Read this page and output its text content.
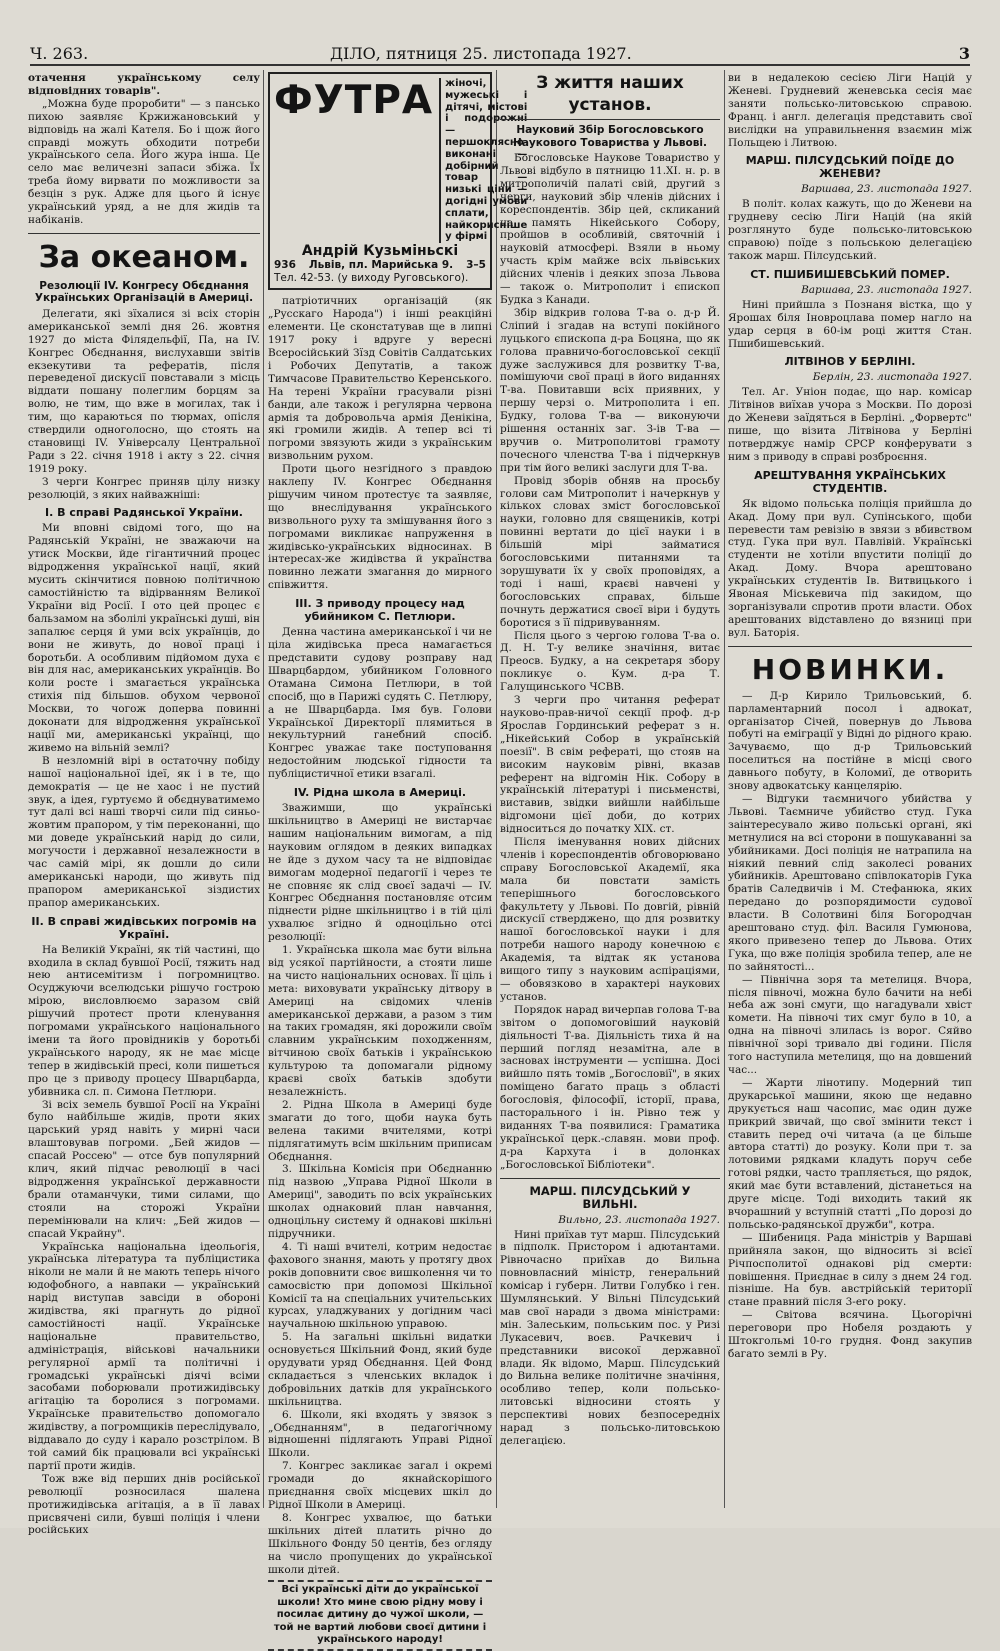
Ч. 263.	ДІЛО, пятниця 25. листопада 1927.	3

отачення українському селу відповідних товарів".

„Можна буде проробити" — з пансько пихою заявляє Кржижановський у відповідь на жалі Кателя. Бо і щож його справді можуть обходити потреби українського села. Його жура інша. Це село має величезні запаси збіжа. Їх треба йому вирвати по можливости за безцін з рук. Адже для цього й існує український уряд, а не для жидів та набіканів.

За океаном.
Резолюції IV. Конгресу Обєднання Українських Організацій в Америці.

Делегати, які зїхалися зі всіх сторін американської землі дня 26. жовтня 1927 до міста Філядельфії, Па, на IV. Конгрес Обєднання, вислухавши звітів екзекутиви та рефератів, після переведеної дискусії повставали з місць віддати пошану полеглим борцям за волю, не тим, що вже в могилах, так і тим, що караються по тюрмах, опісля ствердили одноголосно, що стоять на становищі IV. Універсалу Центральної Ради з 22. січня 1918 і акту з 22. січня 1919 року.

З черги Конгрес приняв цілу низку резолюцій, з яких найважніші:

I. В справі Радянської України.

Ми вповні свідомі того, що на Радянській Україні, не зважаючи на утиск Москви, йде гігантичний процес відродження української нації, який мусить скінчитися повною політичною самостійністю та відірванням Великої України від Росії. І ото цей процес є бальзамом на зболілі українські душі, він запалює серця й уми всіх українців, до вони не живуть, до нової праці і боротьби. А особливим підйомом духа є він для нас, американських українців. Во коли росте і змагається українська стихія під більшов. обухом червоної Москви, то чогож доперва повинні доконати для відродження української нації ми, американські українці, що живемо на вільній землі?

В незломній вірі в остаточну побіду нашої національної ідеї, як і в те, що демократія — це не хаос і не пустий звук, а ідея, гуртуємо й обєднуватимемо тут далі всі наші творчі сили під синьо-жовтим прапором, у тім переконанні, що ми доведе український нарід до сили, могучости і державної незалежности в час самій мірі, як дошли до сили американські народи, що живуть під прапором американської зіздистих прапор американських.

II. В справі жидівських погромів на Україні.

На Великій Україні, як тій частині, що входила в склад бувшої Росії, тяжить над нею антисемітизм і погромництво. Осуджуючи вселюдськи рішучо гострою мірою, висловлюємо заразом свій рішучий протест проти кленування погромами українського національного імени та його провідників у боротьбі українського народу, як не має місце тепер в жидівській пресі, коли пишеться про це з приводу процесу Шварцбарда, убивника сл. п. Симона Петлюри.

Зі всіх земель бувшої Росії на Україні було найбільше жидів, проти яких царський уряд навіть у мирні часи влаштовував погроми. „Бей жидов — спасай Россею" — отсе був популярний клич, який підчас революції в часі відродження української державности брали отаманчуки, тими силами, що стояли на сторожі України перемінювали на клич: „Бей жидов — спасай Украйну".

Українська національна ідеольогія, українська література та публіцистика ніколи не мали й не мають теперь нічого юдофобного, а навпаки — український нарід виступав завсіди в обороні жидівства, які прагнуть до рідної самостійності нації. Українське національне правительство, адміністрація, військові начальники регулярної армії та політичні і громадські українські діячі всіми засобами поборювали протижидівську агітацію та боролися з погромами. Українське правительство допомогало жидівству, а погромщиків переслідувало, віддавало до суду і карало розстрілом. В той самий бік працювали всі українські партії проти жидів.

Тож вже від перших днів російської революції розносилася шалена протижидівська агітація, а в її лавах присвячені сили, бувші поліція і члени російських

ФУТРА	жіночі, мужеські і дітячі, містові і подорожні — першоклясно виконані — добірний товар — низькі ціни — догідні умови сплати, найкорисніше у фірмі
Андрій Кузьміньскі
936 Львів, пл. Марийська 9. 3–5
Тел. 42-53. (у виходу Руговського).

патріотичних організацій (як „Русскаго Народа") і інші реакційні елементи. Це сконстатував ще в липні 1917 року і вдруге у вересні Всеросійський Зїзд Совітів Салдатських і Робочих Депутатів, а також Тимчасове Правительство Керенського. На терені України грасували різні банди, але також і регулярна червона армія та добровольча армія Денікіна, які громили жидів. А тепер всі ті погроми звязують жиди з українським визвольним рухом.

Проти цього незгідного з правдою наклепу IV. Конгрес Обєднання рішучим чином протестує та заявляє, що внеслідування українського визвольного руху та змішування його з погромами викликає напруження в жидівсько-українських відносинах. В інтересах-же жидівства й українства повинно лежати змагання до мирного співжиття.

III. З приводу процесу над убийником С. Петлюри.

Денна частина американської і чи не ціла жидівська преса намагається представити судову розправу над Шварцбардом, убийником Головного Отамана Симона Петлюри, в той спосіб, що в Парижі судять С. Петлюру, а не Шварцбарда. Імя був. Голови Української Директорії плямиться в некультурний ганебний спосіб. Конгрес уважає таке поступовання недостойним людської гідности та публіцистичної етики взагалі.

IV. Рідна школа в Америці.

Зважимши, що українські шкільництво в Америці не вистарчає нашим національним вимогам, а під науковим оглядом в деяких випадках не йде з духом часу та не відповідає вимогам модерної педагогії і через те не сповняє як слід своєї задачі — IV. Конгрес Обєднання постановляє отсим піднести рідне шкільництво і в тій цілі ухвалює згідно й одноцільно отсі резолюції:

1. Українська школа має бути вільна від усякої партійности, а стояти лише на чисто національних основах. Її ціль і мета: виховувати українську дітвору в Америці на свідомих членів американської держави, а разом з тим на таких громадян, які дорожили своїм славним українським походженням, вітчиною своїх батьків і українською культурою та допомагали рідному краєві своїх батьків здобути незалежність.

2. Рідна Школа в Америці буде змагати до того, щоби наука буть велена такими вчителями, котрі підлягатимуть всім шкільним приписам Обєднання.

3. Шкільна Комісія при Обєднанню під назвою „Управа Рідної Школи в Америці", заводить по всіх українських школах однаковий план навчання, одноцільну систему й однакові шкільні підручники.

4. Ті наші вчителі, котрим недостає фахового знання, мають у протягу двох років доповнити своє вишколення чи то самосвістю при допомозі Шкільної Комісії та на спеціальних учительських курсах, уладжуваних у догідним часі научальною шкільною управою.

5. На загальні шкільні видатки основується Шкільний Фонд, який буде орудувати уряд Обєднання. Цей Фонд складається з членських вкладок і добровільних датків для українського шкільництва.

6. Школи, які входять у звязок з „Обєднанням", в педагогічному відношенні підлягають Управі Рідної Школи.

7. Конгрес закликає загал і окремі громади до якнайскорішого приєднання своїх місцевих шкіл до Рідної Школи в Америці.

8. Конгрес ухвалює, що батьки шкільних дітей платить річно до Шкільного Фонду 50 центів, без огляду на число пропущених до української школи дітей.

Всі українські діти до української школи! Хто мине свою рідну мову і посилає дитину до чужої школи, — той не вартий любови своєї дитини і українського народу!
З життя наших установ.
Науковий Збір Богословського Наукового Товариства у Львові.

Богословське Наукове Товариство у Львові відбуло в пятницю 11.XI. н. р. в митрополичій палаті свій, другий з черги, науковий збір членів дійсних і кореспондентів. Збір цей, скликаний на память Нікейського Собору, пройшов в особливій, святочній і науковій атмосфері. Взяли в ньому участь крім майже всіх львівських дійсних членів і деяких зпоза Львова — також о. Митрополит і єпископ Будка з Канади.

Збір відкрив голова Т-ва о. д-р Й. Сліпий і згадав на вступі покійного луцького єпископа д-ра Боцяна, що як голова правничо-богословської секції дуже заслужився для розвитку Т-ва, помішуючи свої праці в його виданнях Т-ва. Повитавши всіх приявних, у першу черзі о. Митрополита і еп. Будку, голова Т-ва — виконуючи рішення останніх заг. З-ів Т-ва — вручив о. Митрополитові грамоту почесного членства Т-ва і підчеркнув при тім його великі заслуги для Т-ва.

Провід зборів обняв на просьбу голови сам Митрополит і начеркнув у кількох словах зміст богословської науки, головно для священиків, котрі повинні вертати до цієї науки і в більшій мірі займатися богословськими питаннями та зорушувати їх у своїх проповідях, а тоді і наші, краєві навчені у богословських справах, більше почнуть держатися своєї віри і будуть боротися з її підривуванням.

Після цього з чергою голова Т-ва о. Д. Н. Т-у велике значіння, витає Преосв. Будку, а на секретаря збору покликує о. Кум. д-ра Т. Галущинського ЧСВВ.

З черги про читання реферат науково-прав-ничої секції проф. д-р Ярослав Гординський реферат з н. „Нікейський Собор в українській поезії". В свім рефераті, що стояв на високим науковім рівні, вказав референт на відгомін Нік. Собору в українській літературі і письменстві, виставив, звідки вийшли найбільше відгомони цієї доби, до котрих відноситься до початку XIX. ст.

Після іменування нових дійсних членів і кореспондентів обговорювано справу Богословської Академії, яка мала би повстати замість теперішнього богословського факультету у Львові. По довгій, рівній дискусії стверджено, що для розвитку нашої богословської науки і для потреби нашого народу конечною є Академія, та відтак як установа вищого типу з науковим аспіраціями, — обовязково в характері наукових установ.

Порядок нарад вичерпав голова Т-ва звітом о допомоговіший науковій діяльності Т-ва. Діяльність тиха й на перший погляд незамітна, але в засновах інструменти — успішна. Досі вийшло пять томів „Богословії", в яких поміщено багато праць з області богословія, філософії, історії, права, пасторального і ін. Рівно теж у виданнях Т-ва появилися: Граматика української церк.-славян. мови проф. д-ра Кархута і в долонках „Богословської Бібліотеки".

МАРШ. ПІЛСУДСЬКИЙ У ВИЛЬНІ.
Вильно, 23. листопада 1927.

Нині приїхав тут марш. Пілсудський в підполк. Пристором і адютантами. Рівночасно приїхав до Вильна повновласний міністр, генеральний комісар і губерн. Литви Голубко і ген. Шумлянський. У Вільні Пілсудський мав свої наради з двома міністрами: мін. Залеським, польським пос. у Ризі Лукасевич, воєв. Рачкевич і представники високої державної влади. Як відомо, Марш. Пілсудський до Вильна велике політичне значіння, особливо тепер, коли польсько-литовські відносини стоять у перспективі нових безпосередніх нарад з польсько-литовською делегацією.

ви в недалекою сесією Ліги Націй у Женеві. Грудневий женевська сесія має заняти польсько-литовською справою. Франц. і англ. делегація представить свої вислідки на управильнення взаємин між Польщею і Литвою.

МАРШ. ПІЛСУДСЬКИЙ ПОЇДЕ ДО ЖЕНЕВИ?
Варшава, 23. листопада 1927.

В політ. колах кажуть, що до Женеви на грудневу сесію Ліги Націй (на якій розглянуто буде польсько-литовською справою) поїде з польською делегацією також марш. Пілсудський.

СТ. ПШИБИШЕВСЬКИЙ ПОМЕР.
Варшава, 23. листопада 1927.

Нині прийшла з Познаня вістка, що у Ярошах біля Іновроцлава помер нагло на удар серця в 60-ім році життя Стан. Пшибишевський.

ЛІТВІНОВ У БЕРЛІНІ.
Берлін, 23. листопада 1927.

Тел. Аг. Уніон подає, що нар. комісар Літвінов виїхав учора з Москви. По дорозі до Женеви заїдяться в Берліні. „Форвертс" пише, що візита Літвінова у Берліні потверджує намір СРСР конферувати з ним з приводу в справі розброєння.

АРЕШТУВАННЯ УКРАЇНСЬКИХ СТУДЕНТІВ.

Як відомо польська поліція прийшла до Акад. Дому при вул. Супінського, щоби перевести там ревізію в звязи з вбивством студ. Гука при вул. Павлівій. Українські студенти не хотіли впустити поліції до Акад. Дому. Вчора арештовано українських студентів Ів. Витвицького і Явоная Міськевича під закидом, що зорганізували спротив проти власти. Обох арештованих відставлено до вязниці при вул. Баторія.

НОВИНКИ.

— Д-р Кирило Трильовський, б. парламентарний посол і адвокат, організатор Січей, повернув до Львова побуті на еміграції у Відні до рідного краю. Зачуваємо, що д-р Трильовський поселиться на постійне в місці свого давнього побуту, в Коломиї, де отворить знову адвокатську канцелярію.

— Відгуки таємничого убийства у Львові. Таємниче убийство студ. Гука заінтересувало живо польські органі, які метнулися на всі сторони в пошукаванні за убийниками. Досі поліція не натрапила на ніякий певний слід заколесі рованих убийників. Арештовано співлокаторів Гука братів Саледвичів і М. Стефанюка, яких передано до розпорядимости судової власти. В Солотвині біля Богородчан арештовано студ. філ. Василя Гумюнова, якого привезено тепер до Львова. Отих Гука, що вже поліція зробила тепер, але не по зайнятості...

— Північна зоря та метелиця. Вчора, після півночі, можна було бачити на небі неба аж зоні смуги, що нагадували хвіст комети. На півночі тих смуг було в 10, а одна на півночі злилась із ворог. Сяйво північної зорі тривало дві години. Після того наступила метелиця, що на довшений час...

— Жарти лінотипу. Модерний тип друкарської машини, якою ще недавно друкується наш часопис, має один дуже прикрий звичай, що свої змінити текст і ставить перед очі читача (а це більше автора статті) до розуку. Коли при т. за лотовими рядками кладуть поруч себе готові рядки, часто трапляється, що рядок, який має бути вставлений, дістанеться на друге місце. Тоді виходить такий як вчорашний у вступній статті „По дорозі до польсько-радянської дружби", котра.

— Шибениця. Рада міністрів у Варшаві прийняла закон, що відносить зі всієї Річпосполитої однакові рід смерти: повішення. Приєднає в силу з днем 24 год. пізніше. На був. австрійській території стане правний після 3-его року.

— Світова всячина. Цьогорічні переговори про Нобеля роздають у Штокгольмі 10-го грудня. Фонд закупив багато землі в Ру.
